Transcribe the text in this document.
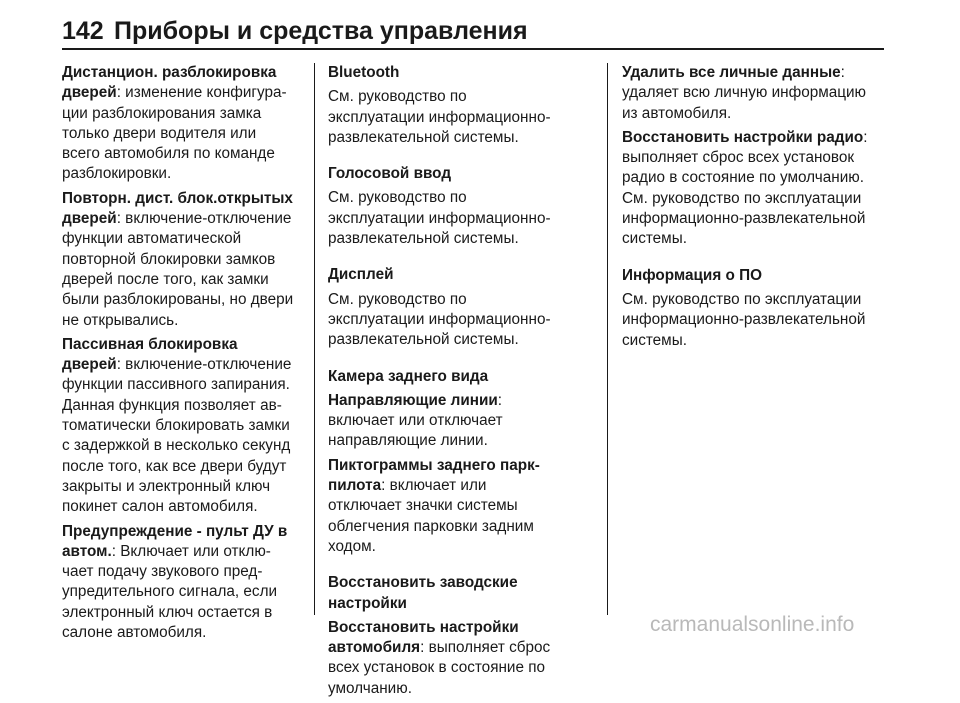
142 Приборы и средства управления

Дистанцион. разблокировка дверей: изменение конфигурации разблокирования замка только двери водителя или всего автомобиля по команде разблокировки.

Повторн. дист. блок.открытых дверей: включение-отключение функции автоматической повторной блокировки замков дверей после того, как замки были разблокированы, но двери не открывались.

Пассивная блокировка дверей: включение-отключение функции пассивного запирания. Данная функция позволяет автоматически блокировать замки с задержкой в несколько секунд после того, как все двери будут закрыты и электронный ключ покинет салон автомобиля.

Предупреждение - пульт ДУ в автом.: Включает или отключает подачу звукового предупредительного сигнала, если электронный ключ остается в салоне автомобиля.

Bluetooth
См. руководство по эксплуатации информационно-развлекательной системы.

Голосовой ввод
См. руководство по эксплуатации информационно-развлекательной системы.

Дисплей
См. руководство по эксплуатации информационно-развлекательной системы.

Камера заднего вида

Направляющие линии: включает или отключает направляющие линии.

Пиктограммы заднего парк-пилота: включает или отключает значки системы облегчения парковки задним ходом.

Восстановить заводские настройки

Восстановить настройки автомобиля: выполняет сброс всех установок в состояние по умолчанию.

Удалить все личные данные: удаляет всю личную информацию из автомобиля.

Восстановить настройки радио: выполняет сброс всех установок радио в состояние по умолчанию. См. руководство по эксплуатации информационно-развлекательной системы.

Информация о ПО
См. руководство по эксплуатации информационно-развлекательной системы.

carmanualsonline.info
